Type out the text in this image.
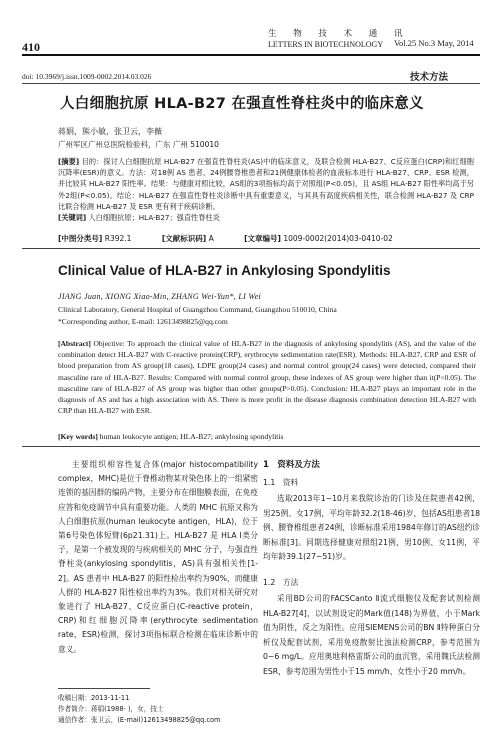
410
生 物 技 术 通 讯
LETTERS IN BIOTECHNOLOGY Vol.25 No.3 May, 2014
doi: 10.3969/j.issn.1009-0002.2014.03.026	技术方法
人白细胞抗原 HLA-B27 在强直性脊柱炎中的临床意义
蒋娟，熊小敏，张卫云，李薇
广州军区广州总医院检验科，广东 广州 510010
[摘要] 目的：探讨人白细胞抗原 HLA-B27 在强直性脊柱炎(AS)中的临床意义，及联合检测 HLA-B27、C反应蛋白(CRP)和红细胞沉降率(ESR)的意义。方法：对18例 AS 患者、24例腰脊椎患者和21例健康体检者的血液标本进行 HLA-B27、CRP、ESR 检测，并比较其 HLA-B27 阳性率。结果：与健康对照比较，AS组的3项指标均高于对照组(P<0.05)，且 AS组 HLA-B27 阳性率均高于另外2组(P<0.05)。结论：HLA-B27 在强直性脊柱炎诊断中具有重要意义，与其具有高度疾病相关性，联合检测 HLA-B27 及 CRP 比联合检测 HLA-B27 及 ESR 更有利于疾病诊断。
[关键词] 人白细胞抗原；HLA-B27；强直性脊柱炎
[中图分类号] R392.1	[文献标识码] A	[文章编号] 1009-0002(2014)03-0410-02
Clinical Value of HLA-B27 in Ankylosing Spondylitis
JIANG Juan, XIONG Xiao-Min, ZHANG Wei-Yun*, LI Wei
Clinical Laboratory, General Hospital of Guangzhou Command, Guangzhou 510010, China
*Corresponding author, E-mail: 12613498825@qq.com
[Abstract] Objective: To approach the clinical value of HLA-B27 in the diagnosis of ankylosing spondylitis (AS), and the value of the combination detect HLA-B27 with C-reactive protein(CRP), erythrocyte sedimentation rate(ESR). Methods: HLA-B27, CRP and ESR of blood preparation from AS group(18 cases), LDPE group(24 cases) and normal control group(24 cases) were detected, compared their masculine rare of HLA-B27. Results: Compared with normal control group, these indexes of AS group were higher than it(P<0.05). The masculine rare of HLA-B27 of AS group was higher than other groups(P>0.05). Conclusion: HLA-B27 plays an important role in the diagnosis of AS and has a high association with AS. There is more profit in the disease diagnosis combination detection HLA-B27 with CRP than HLA-B27 with ESR.
[Key words] human leukocyte antigen; HLA-B27; ankylosing spondylitis
主要组织相容性复合体(major histocompatibility complex，MHC)是位于脊椎动物某对染色体上的一组紧密连锁的基因群的编码产物，主要分布在细胞膜表面，在免疫应答和免疫调节中具有重要功能。人类的 MHC 抗原又称为人白细胞抗原(human leukocyte antigen，HLA)，位于第6号染色体短臂(6p21.31)上。HLA-B27 是 HLA Ⅰ类分子，是第一个被发现的与疾病相关的 MHC 分子，与强直性脊柱炎(ankylosing spondylitis，AS)具有强相关性[1-2]。AS 患者中 HLA-B27 的阳性检出率约为90%，而健康人群的 HLA-B27 阳性检出率约为3%。我们对相关研究对象进行了 HLA-B27、C反应蛋白(C-reactive protein，CRP)和红细胞沉降率(erythrocyte sedimentation rate，ESR)检测，探讨3项指标联合检测在临床诊断中的意义。
1　资料及方法
1.1　资料
选取2013年1~10月来我院诊治的门诊及住院患者42例，男25例、女17例，平均年龄32.2(18-46)岁，包括AS组患者18例、腰脊椎组患者24例，诊断标准采用1984年修订的AS纽约诊断标准[3]。同期选择健康对照组21例，男10例、女11例，平均年龄39.1(27~51)岁。
1.2　方法
采用BD公司的FACSCanto Ⅱ流式细胞仪及配套试剂检测HLA-B27[4]，以试剂设定的Mark值(148)为界值，小于Mark值为阴性，反之为阳性。应用SIEMENS公司的BN Ⅱ特种蛋白分析仪及配套试剂，采用免疫散射比浊法检测CRP，参考范围为0~6 mg/L。应用奥地利格雷斯公司的血沉管，采用魏氏法检测ESR，参考范围为男性小于15 mm/h、女性小于20 mm/h。
收稿日期：2013-11-11
作者简介：蒋娟(1988- )，女，技士
通信作者：张卫云，(E-mail)12613498825@qq.com
